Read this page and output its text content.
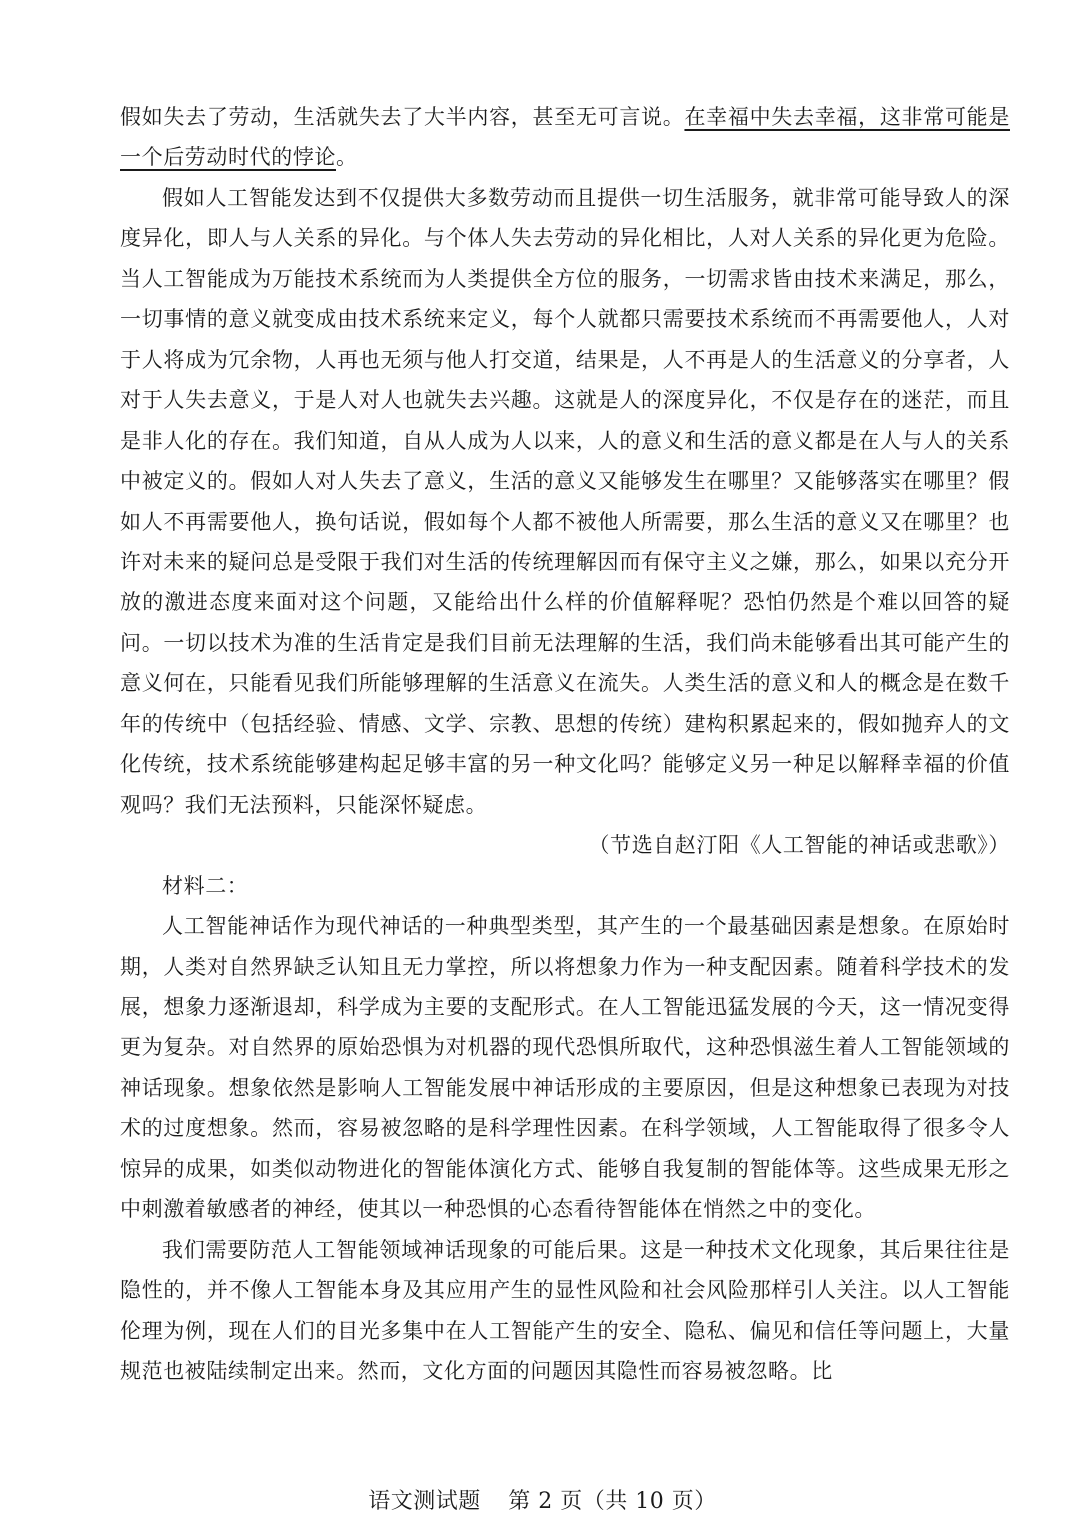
假如失去了劳动，生活就失去了大半内容，甚至无可言说。在幸福中失去幸福，这非常可能是一个后劳动时代的悖论。

假如人工智能发达到不仅提供大多数劳动而且提供一切生活服务，就非常可能导致人的深度异化，即人与人关系的异化。与个体人失去劳动的异化相比，人对人关系的异化更为危险。当人工智能成为万能技术系统而为人类提供全方位的服务，一切需求皆由技术来满足，那么，一切事情的意义就变成由技术系统来定义，每个人就都只需要技术系统而不再需要他人，人对于人将成为冗余物，人再也无须与他人打交道，结果是，人不再是人的生活意义的分享者，人对于人失去意义，于是人对人也就失去兴趣。这就是人的深度异化，不仅是存在的迷茫，而且是非人化的存在。我们知道，自从人成为人以来，人的意义和生活的意义都是在人与人的关系中被定义的。假如人对人失去了意义，生活的意义又能够发生在哪里？又能够落实在哪里？假如人不再需要他人，换句话说，假如每个人都不被他人所需要，那么生活的意义又在哪里？也许对未来的疑问总是受限于我们对生活的传统理解因而有保守主义之嫌，那么，如果以充分开放的激进态度来面对这个问题，又能给出什么样的价值解释呢？恐怕仍然是个难以回答的疑问。一切以技术为准的生活肯定是我们目前无法理解的生活，我们尚未能够看出其可能产生的意义何在，只能看见我们所能够理解的生活意义在流失。人类生活的意义和人的概念是在数千年的传统中（包括经验、情感、文学、宗教、思想的传统）建构积累起来的，假如抛弃人的文化传统，技术系统能够建构起足够丰富的另一种文化吗？能够定义另一种足以解释幸福的价值观吗？我们无法预料，只能深怀疑虑。

（节选自赵汀阳《人工智能的神话或悲歌》）

材料二：

人工智能神话作为现代神话的一种典型类型，其产生的一个最基础因素是想象。在原始时期，人类对自然界缺乏认知且无力掌控，所以将想象力作为一种支配因素。随着科学技术的发展，想象力逐渐退却，科学成为主要的支配形式。在人工智能迅猛发展的今天，这一情况变得更为复杂。对自然界的原始恐惧为对机器的现代恐惧所取代，这种恐惧滋生着人工智能领域的神话现象。想象依然是影响人工智能发展中神话形成的主要原因，但是这种想象已表现为对技术的过度想象。然而，容易被忽略的是科学理性因素。在科学领域，人工智能取得了很多令人惊异的成果，如类似动物进化的智能体演化方式、能够自我复制的智能体等。这些成果无形之中刺激着敏感者的神经，使其以一种恐惧的心态看待智能体在悄然之中的变化。

我们需要防范人工智能领域神话现象的可能后果。这是一种技术文化现象，其后果往往是隐性的，并不像人工智能本身及其应用产生的显性风险和社会风险那样引人关注。以人工智能伦理为例，现在人们的目光多集中在人工智能产生的安全、隐私、偏见和信任等问题上，大量规范也被陆续制定出来。然而，文化方面的问题因其隐性而容易被忽略。比

语文测试题 第 2 页（共 10 页）
